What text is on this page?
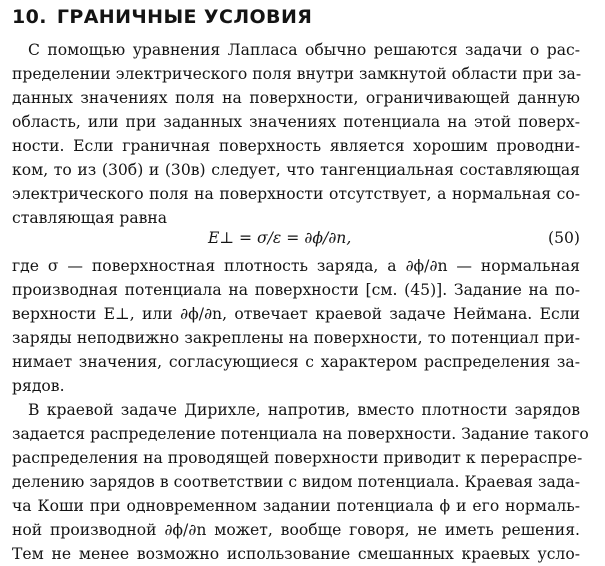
10. ГРАНИЧНЫЕ УСЛОВИЯ
С помощью уравнения Лапласа обычно решаются задачи о рас-
пределении электрического поля внутри замкнутой области при за-
данных значениях поля на поверхности, ограничивающей данную
область, или при заданных значениях потенциала на этой поверх-
ности. Если граничная поверхность является хорошим проводни-
ком, то из (30б) и (30в) следует, что тангенциальная составляющая
электрического поля на поверхности отсутствует, а нормальная со-
ставляющая равна
E⊥ = σ/ε = ∂ϕ/∂n,	(50)
где σ — поверхностная плотность заряда, а ∂ϕ/∂n — нормальная
производная потенциала на поверхности [см. (45)]. Задание на по-
верхности E⊥, или ∂ϕ/∂n, отвечает краевой задаче Неймана. Если
заряды неподвижно закреплены на поверхности, то потенциал при-
нимает значения, согласующиеся с характером распределения за-
рядов.
В краевой задаче Дирихле, напротив, вместо плотности зарядов
задается распределение потенциала на поверхности. Задание такого
распределения на проводящей поверхности приводит к перераспре-
делению зарядов в соответствии с видом потенциала. Краевая зада-
ча Коши при одновременном задании потенциала ϕ и его нормаль-
ной производной ∂ϕ/∂n может, вообще говоря, не иметь решения.
Тем не менее возможно использование смешанных краевых усло-
